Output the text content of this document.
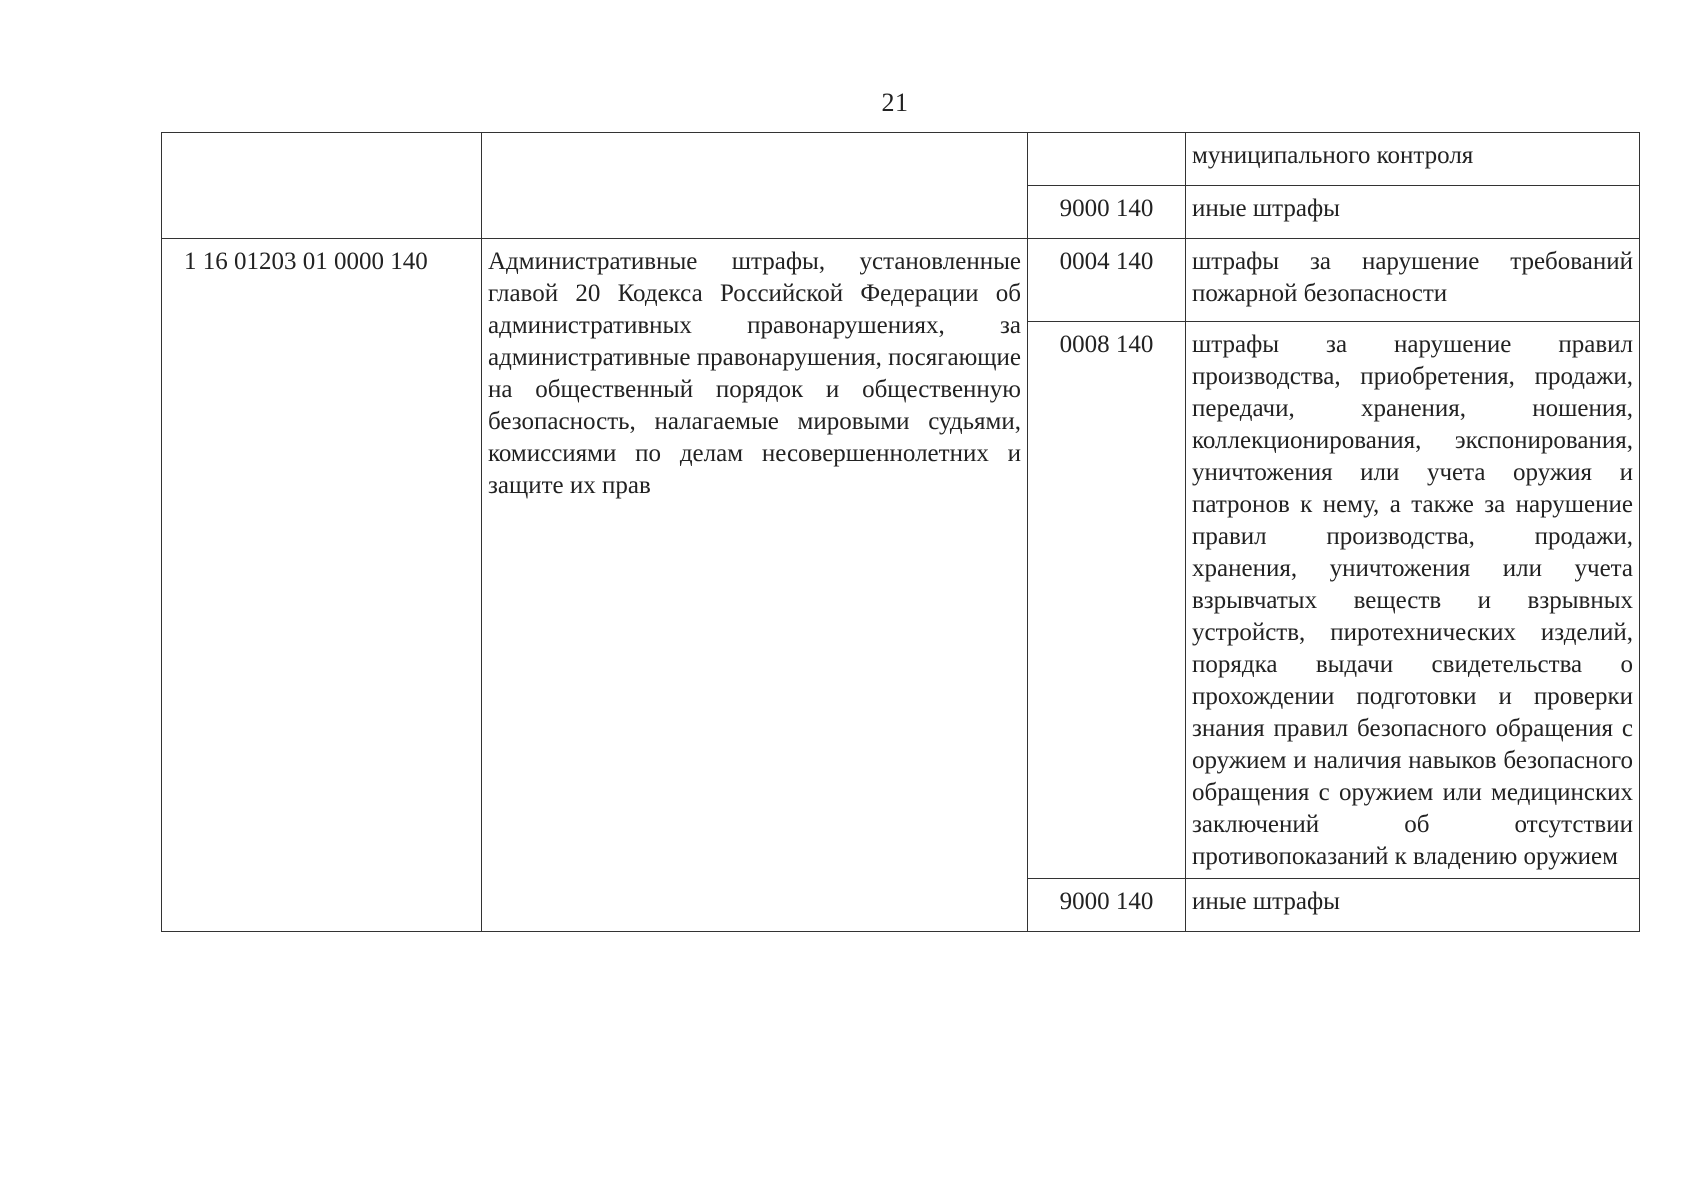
21
			муниципального контроля
		9000 140	иные штрафы
1 16 01203 01 0000 140	Административные штрафы, установленные главой 20 Кодекса Российской Федерации об административных правонарушениях, за административные правонарушения, посягающие на общественный порядок и общественную безопасность, налагаемые мировыми судьями, комиссиями по делам несовершеннолетних и защите их прав	0004 140	штрафы за нарушение требований пожарной безопасности
		0008 140	штрафы за нарушение правил производства, приобретения, продажи, передачи, хранения, ношения, коллекционирования, экспонирования, уничтожения или учета оружия и патронов к нему, а также за нарушение правил производства, продажи, хранения, уничтожения или учета взрывчатых веществ и взрывных устройств, пиротехнических изделий, порядка выдачи свидетельства о прохождении подготовки и проверки знания правил безопасного обращения с оружием и наличия навыков безопасного обращения с оружием или медицинских заключений об отсутствии противопоказаний к владению оружием
		9000 140	иные штрафы
